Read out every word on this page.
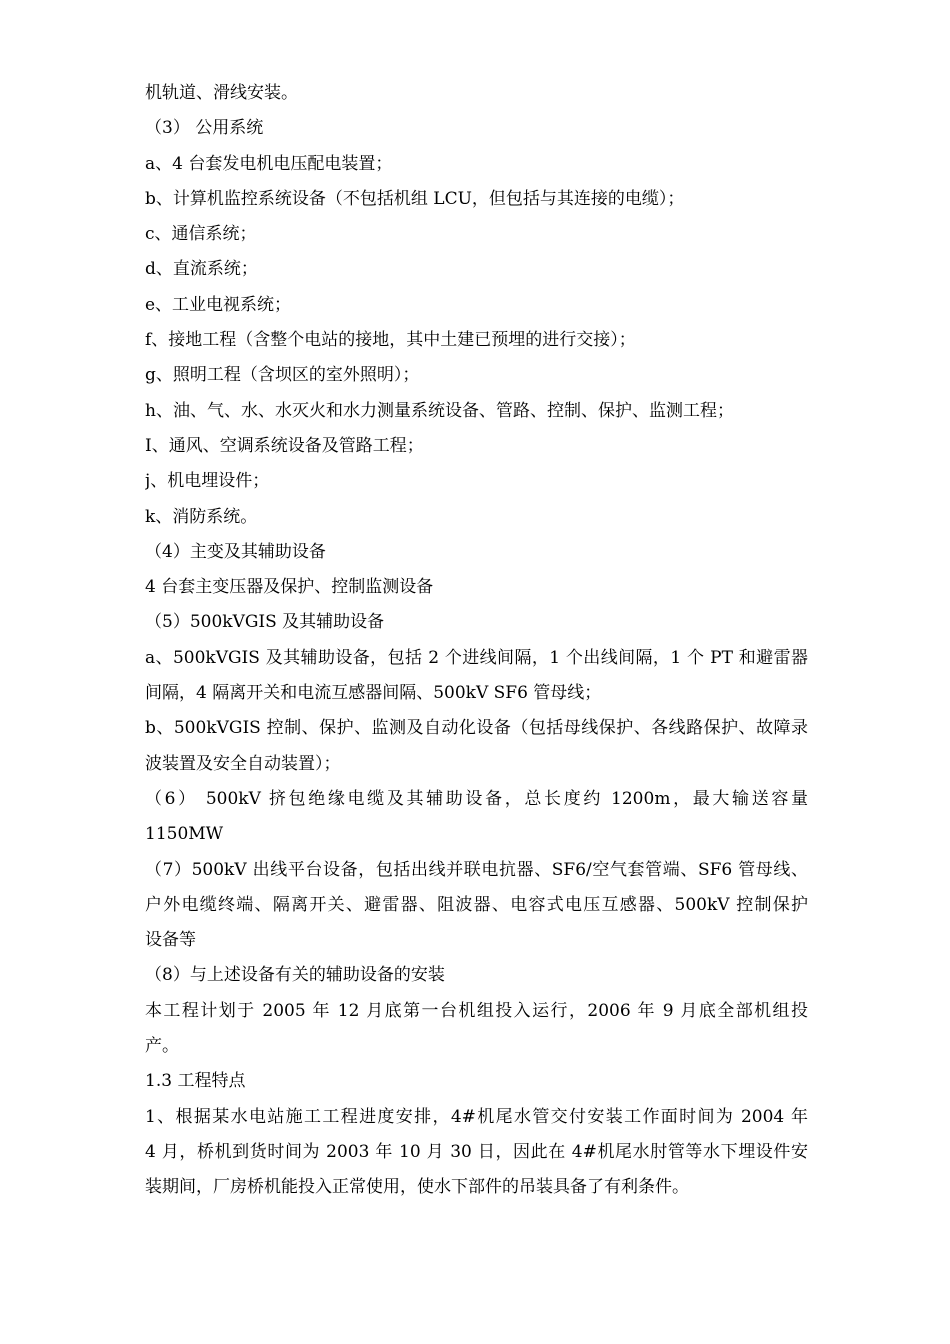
机轨道、滑线安装。
（3） 公用系统
a、4 台套发电机电压配电装置；
b、计算机监控系统设备（不包括机组 LCU，但包括与其连接的电缆）；
c、通信系统；
d、直流系统；
e、工业电视系统；
f、接地工程（含整个电站的接地，其中土建已预埋的进行交接）；
g、照明工程（含坝区的室外照明）；
h、油、气、水、水灭火和水力测量系统设备、管路、控制、保护、监测工程；
I、通风、空调系统设备及管路工程；
j、机电埋设件；
k、消防系统。
（4）主变及其辅助设备
4 台套主变压器及保护、控制监测设备
（5）500kVGIS 及其辅助设备
a、500kVGIS 及其辅助设备，包括 2 个进线间隔，1 个出线间隔，1 个 PT 和避雷器
间隔，4 隔离开关和电流互感器间隔、500kV SF6 管母线；
b、500kVGIS 控制、保护、监测及自动化设备（包括母线保护、各线路保护、故障录
波装置及安全自动装置）；
（6） 500kV 挤包绝缘电缆及其辅助设备，总长度约 1200m，最大输送容量
1150MW
（7）500kV 出线平台设备，包括出线并联电抗器、SF6/空气套管端、SF6 管母线、
户外电缆终端、隔离开关、避雷器、阻波器、电容式电压互感器、500kV 控制保护
设备等
（8）与上述设备有关的辅助设备的安装
本工程计划于 2005 年 12 月底第一台机组投入运行，2006 年 9 月底全部机组投
产。
1.3 工程特点
1、根据某水电站施工工程进度安排，4#机尾水管交付安装工作面时间为 2004 年
4 月，桥机到货时间为 2003 年 10 月 30 日，因此在 4#机尾水肘管等水下埋设件安
装期间，厂房桥机能投入正常使用，使水下部件的吊装具备了有利条件。
